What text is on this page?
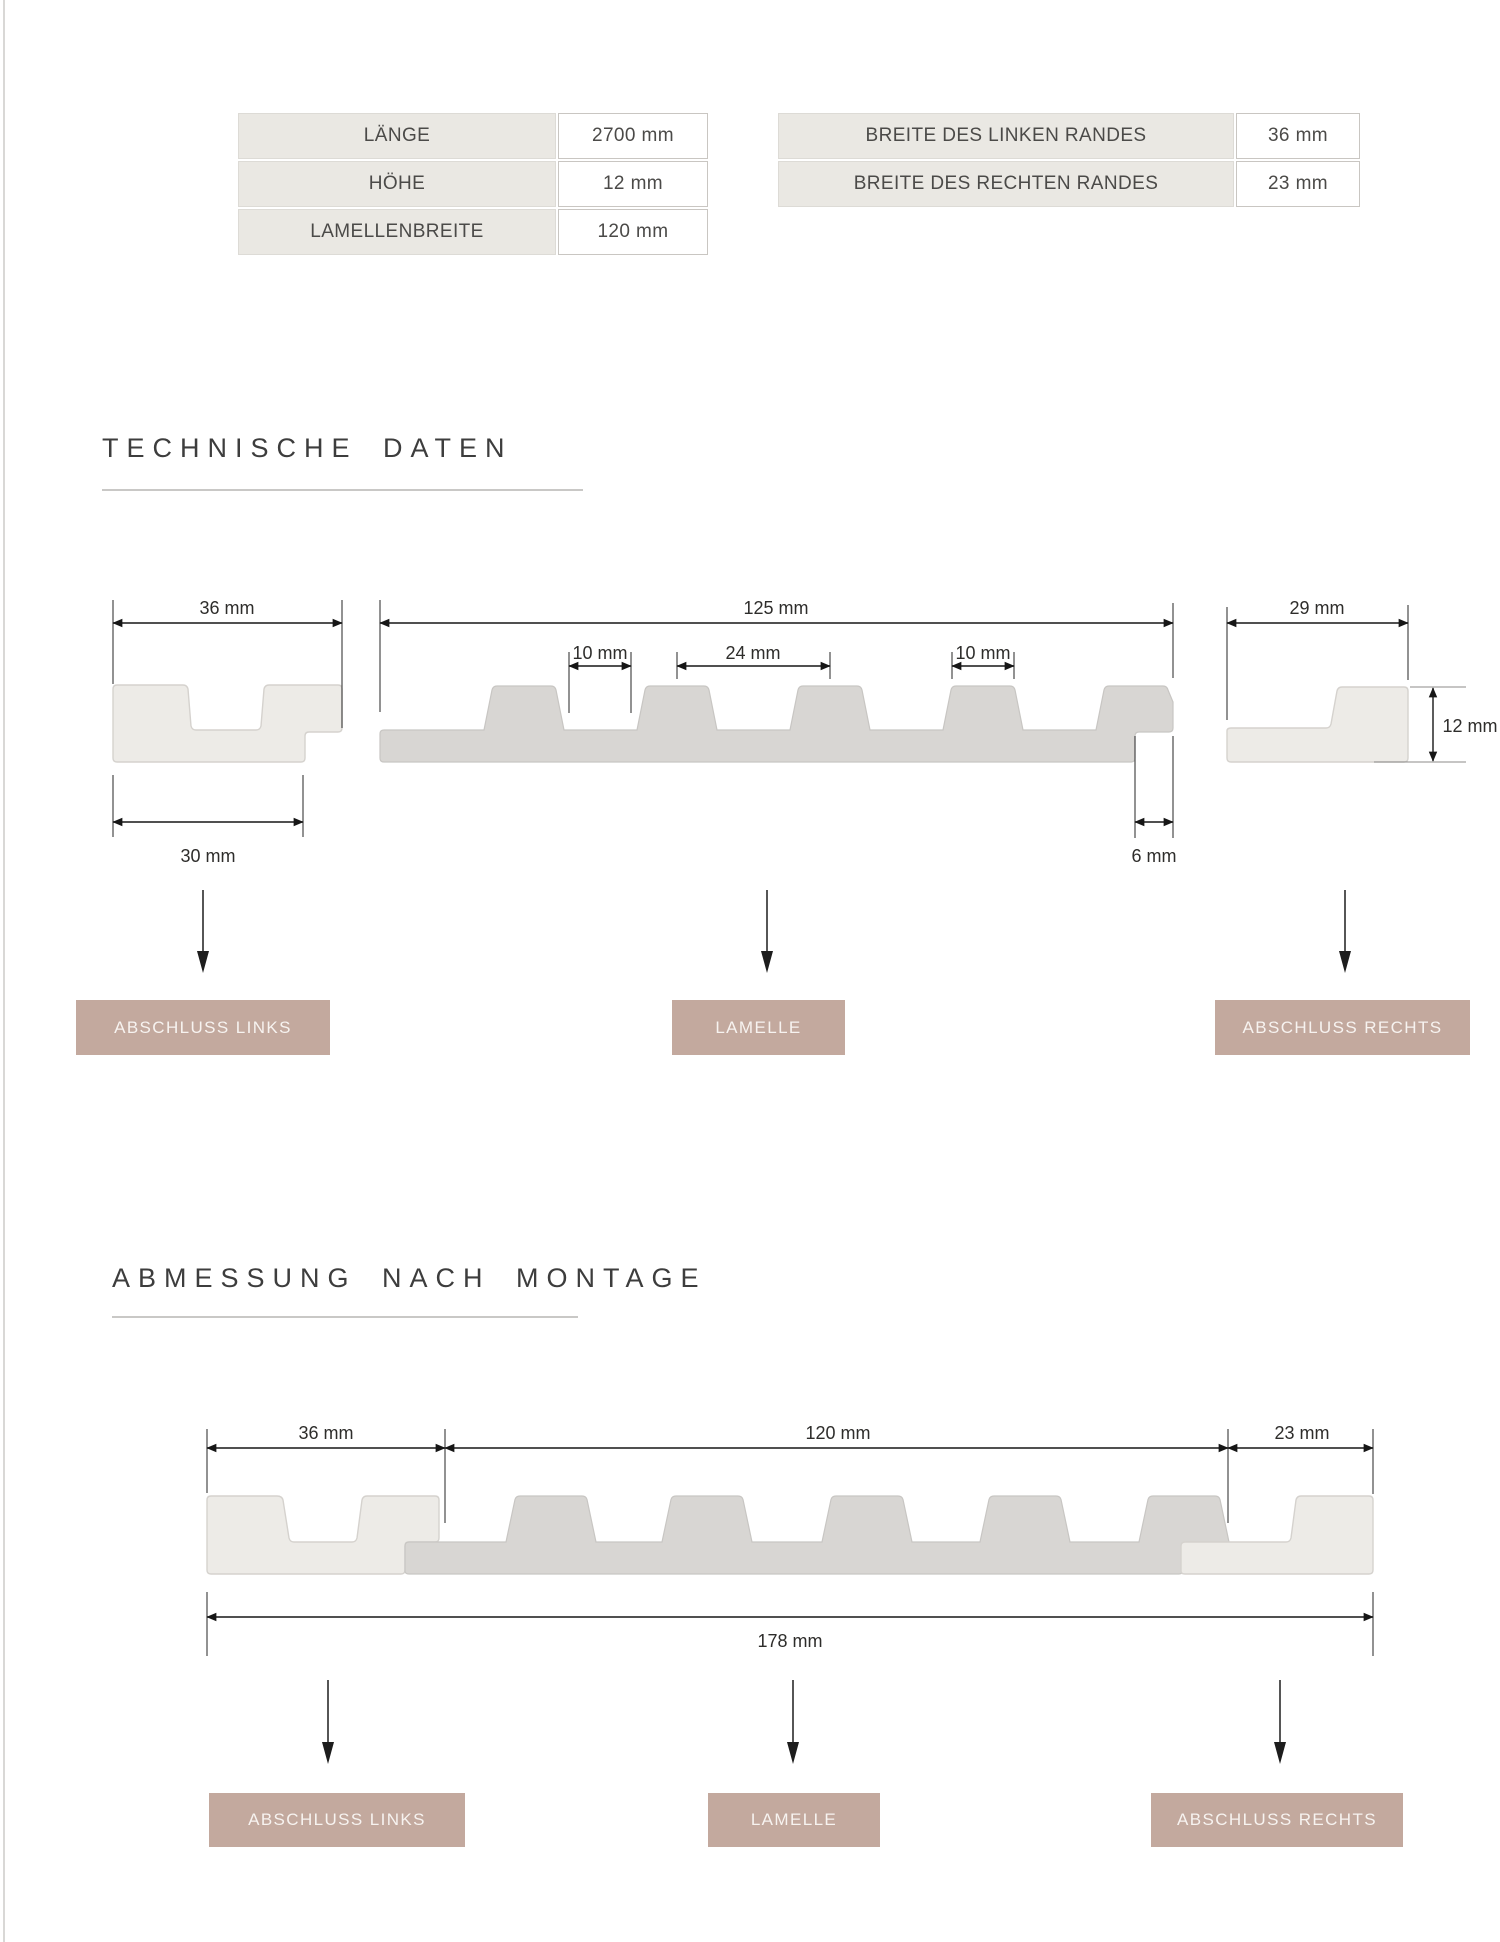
LÄNGE	2700 mm
HÖHE	12 mm
LAMELLENBREITE	120 mm
BREITE DES LINKEN RANDES	36 mm
BREITE DES RECHTEN RANDES	23 mm
TECHNISCHE DATEN
36 mm
30 mm
125 mm
10 mm	24 mm	10 mm
6 mm
29 mm
12 mm
ABSCHLUSS LINKS	LAMELLE	ABSCHLUSS RECHTS
ABMESSUNG NACH MONTAGE
36 mm	120 mm	23 mm
178 mm
ABSCHLUSS LINKS	LAMELLE	ABSCHLUSS RECHTS
